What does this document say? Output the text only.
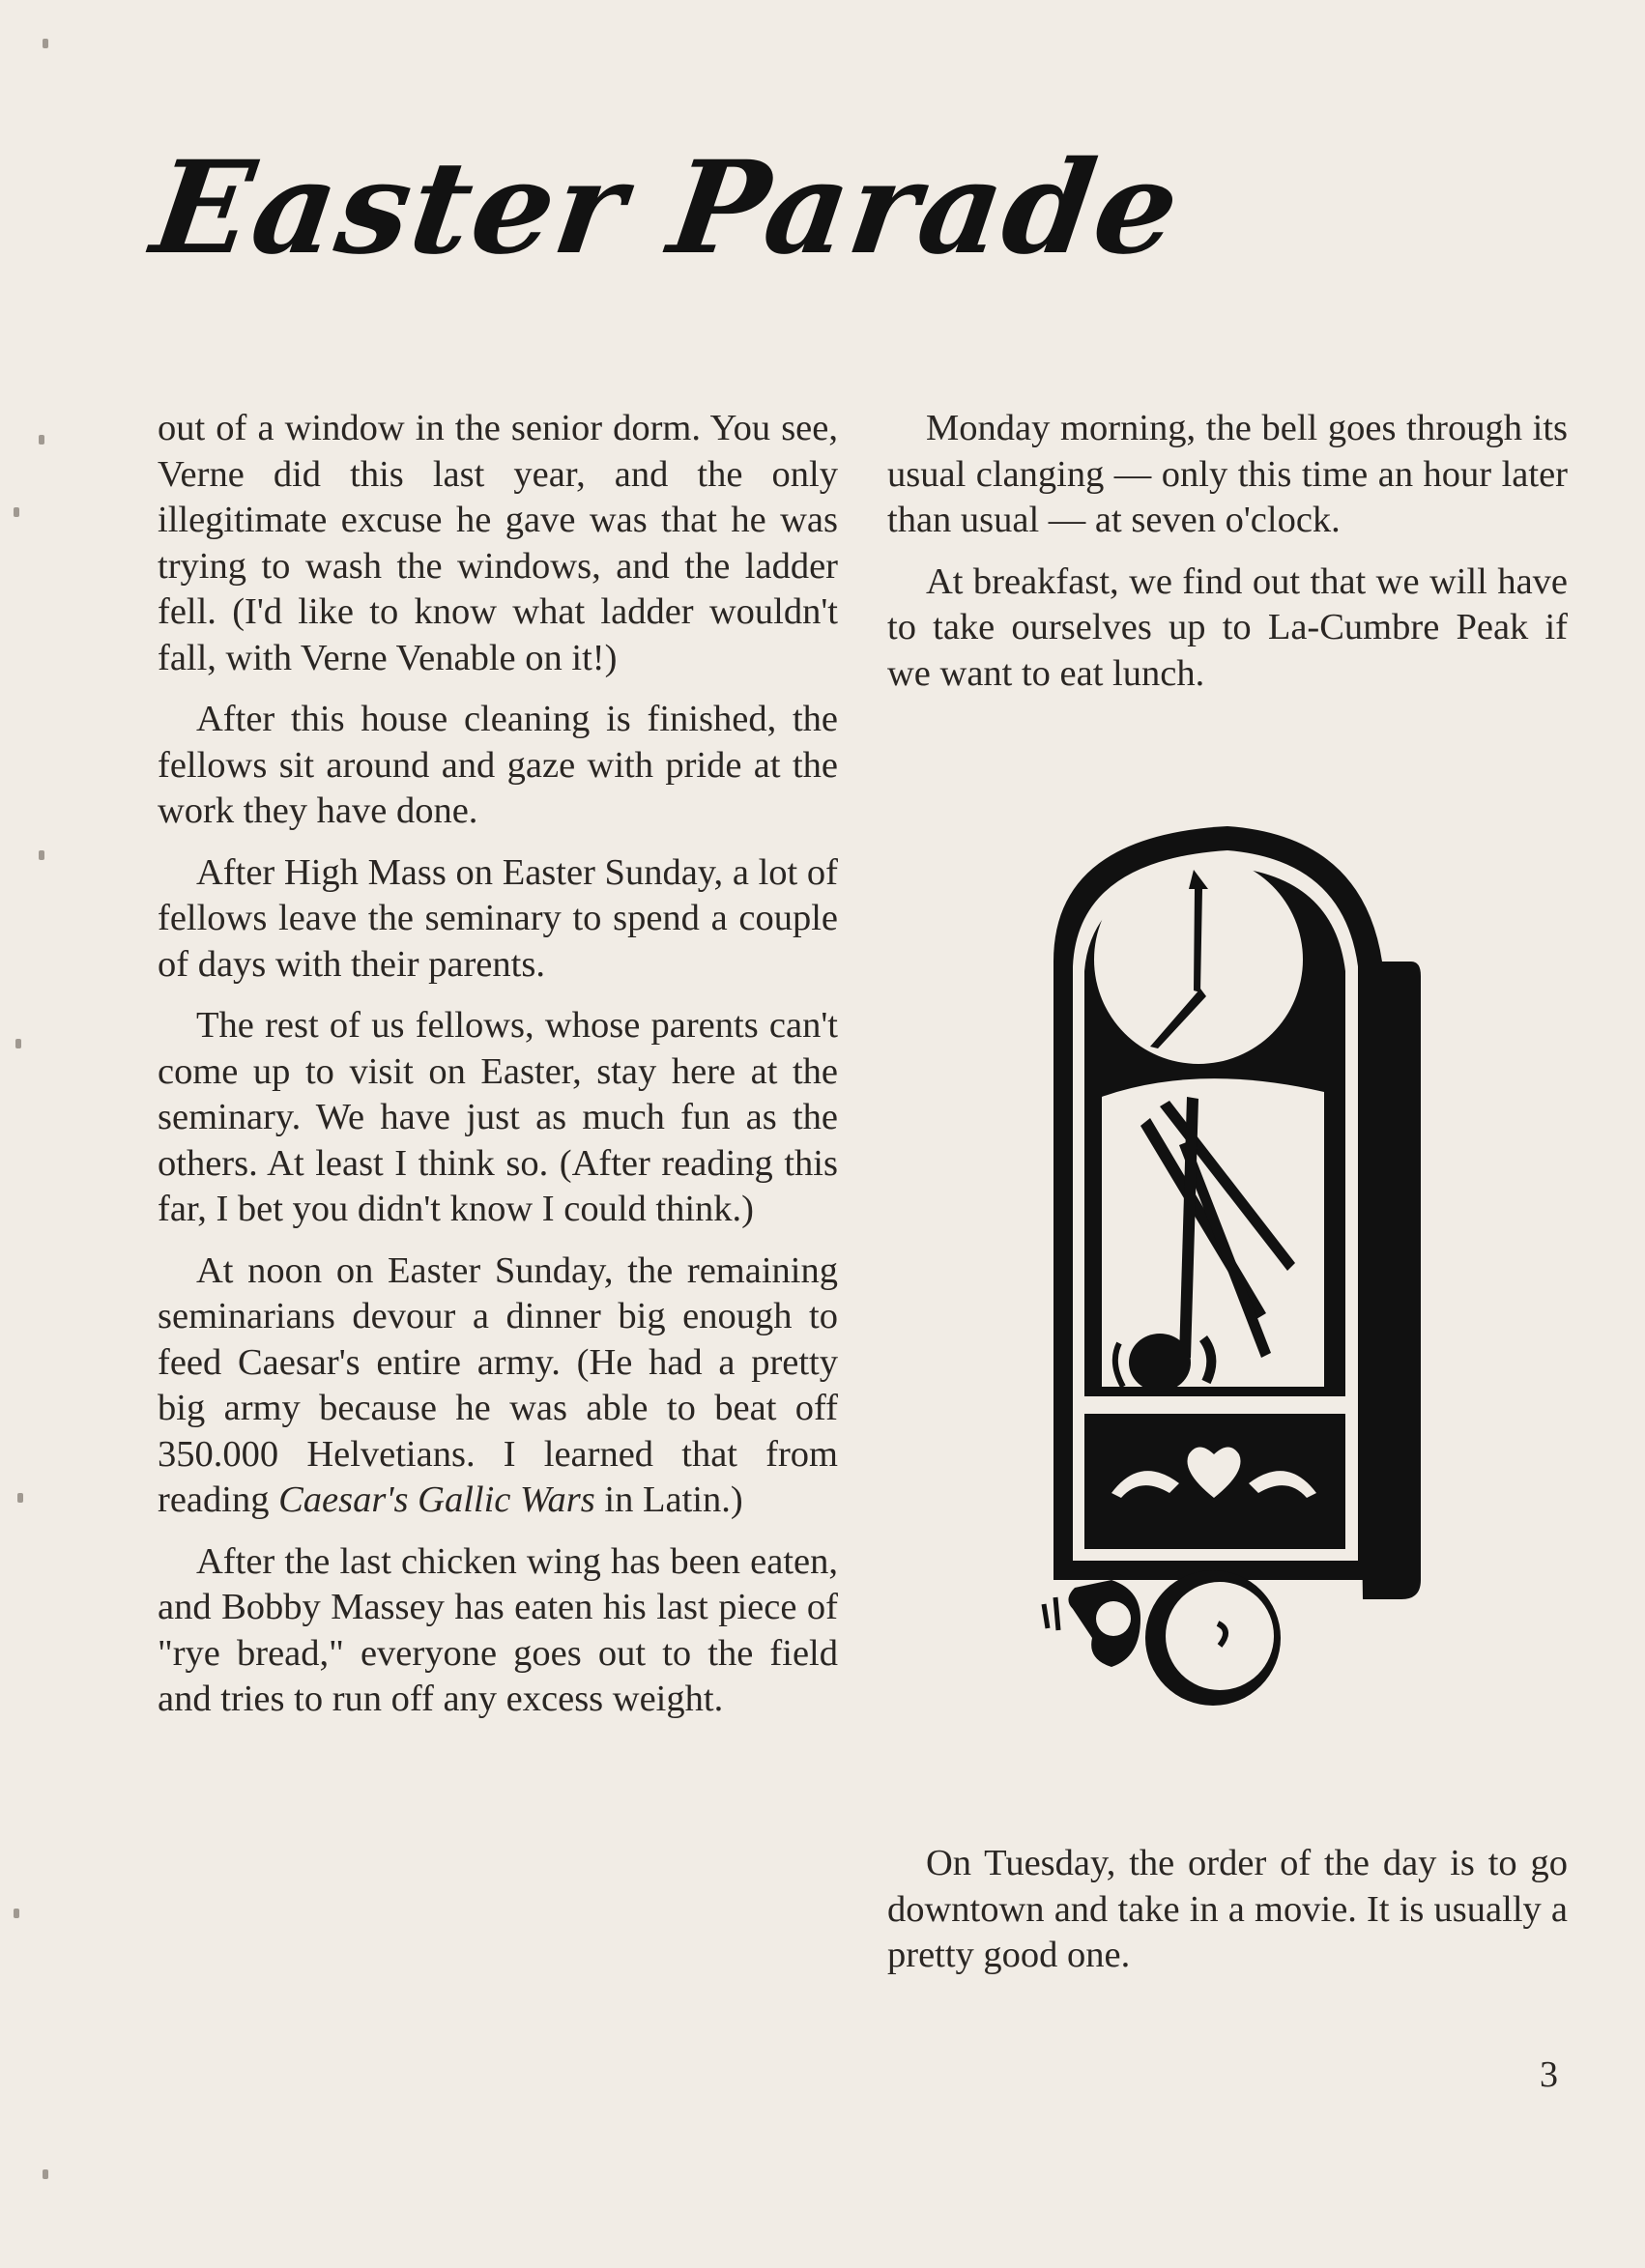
Easter Parade

out of a window in the senior dorm. You see, Verne did this last year, and the only illegitimate excuse he gave was that he was trying to wash the windows, and the ladder fell. (I'd like to know what ladder wouldn't fall, with Verne Venable on it!)

After this house cleaning is finished, the fellows sit around and gaze with pride at the work they have done.

After High Mass on Easter Sunday, a lot of fellows leave the seminary to spend a couple of days with their parents.

The rest of us fellows, whose parents can't come up to visit on Easter, stay here at the seminary. We have just as much fun as the others. At least I think so. (After reading this far, I bet you didn't know I could think.)

At noon on Easter Sunday, the remaining seminarians devour a dinner big enough to feed Caesar's entire army. (He had a pretty big army because he was able to beat off 350.000 Helvetians. I learned that from reading Caesar's Gallic Wars in Latin.)

After the last chicken wing has been eaten, and Bobby Massey has eaten his last piece of "rye bread," everyone goes out to the field and tries to run off any excess weight.

Monday morning, the bell goes through its usual clanging — only this time an hour later than usual — at seven o'clock.

At breakfast, we find out that we will have to take ourselves up to La-Cumbre Peak if we want to eat lunch.

On Tuesday, the order of the day is to go downtown and take in a movie. It is usually a pretty good one.

3
